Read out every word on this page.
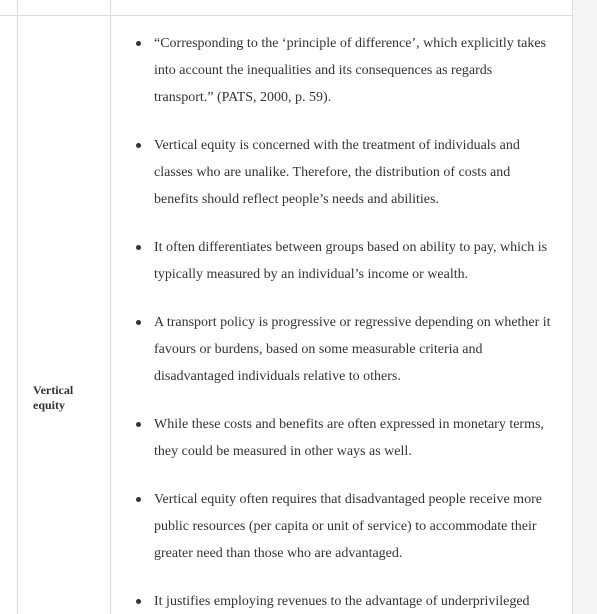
Vertical equity
“Corresponding to the ‘principle of difference’, which explicitly takes into account the inequalities and its consequences as regards transport.” (PATS, 2000, p. 59).
Vertical equity is concerned with the treatment of individuals and classes who are unalike. Therefore, the distribution of costs and benefits should reflect people’s needs and abilities.
It often differentiates between groups based on ability to pay, which is typically measured by an individual’s income or wealth.
A transport policy is progressive or regressive depending on whether it favours or burdens, based on some measurable criteria and disadvantaged individuals relative to others.
While these costs and benefits are often expressed in monetary terms, they could be measured in other ways as well.
Vertical equity often requires that disadvantaged people receive more public resources (per capita or unit of service) to accommodate their greater need than those who are advantaged.
It justifies employing revenues to the advantage of underprivileged
